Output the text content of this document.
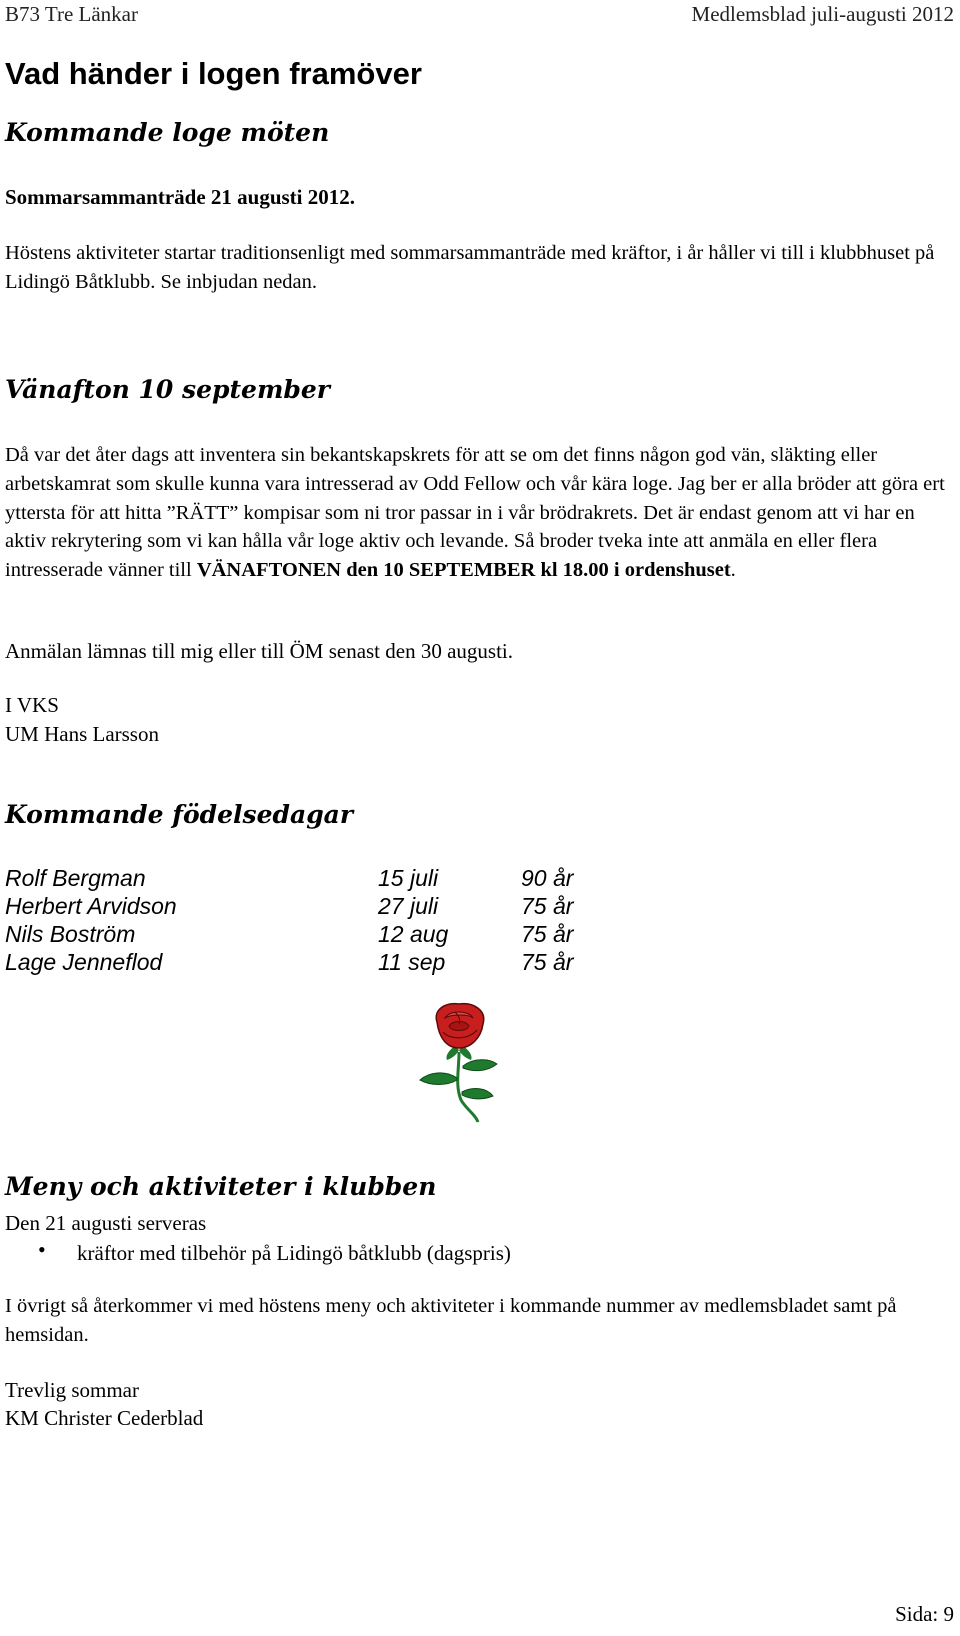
B73 Tre Länkar	Medlemsblad juli-augusti 2012
Vad händer i logen framöver
Kommande loge möten
Sommarsammanträde 21 augusti 2012.
Höstens aktiviteter startar traditionsenligt med sommarsammanträde med kräftor, i år håller vi till i klubbhuset på Lidingö Båtklubb. Se inbjudan nedan.
Vänafton 10 september
Då var det åter dags att inventera sin bekantskapskrets för att se om det finns någon god vän, släkting eller arbetskamrat som skulle kunna vara intresserad av Odd Fellow och vår kära loge. Jag ber er alla bröder att göra ert yttersta för att hitta ”RÄTT” kompisar som ni tror passar in i vår brödrakrets. Det är endast genom att vi har en aktiv rekrytering som vi kan hålla vår loge aktiv och levande. Så broder tveka inte att anmäla en eller flera intresserade vänner till VÄNAFTONEN den 10 SEPTEMBER kl 18.00 i ordenshuset.
Anmälan lämnas till mig eller till ÖM senast den 30 augusti.
I VKS
UM Hans Larsson
Kommande födelsedagar
Rolf Bergman	15 juli	90 år
Herbert Arvidson	27 juli	75 år
Nils Boström	12 aug	75 år
Lage Jenneflod	11 sep	75 år
Meny och aktiviteter i klubben
Den 21 augusti serveras
• kräftor med tilbehör på Lidingö båtklubb (dagspris)
I övrigt så återkommer vi med höstens meny och aktiviteter i kommande nummer av medlemsbladet samt på hemsidan.
Trevlig sommar
KM Christer Cederblad
Sida: 9
